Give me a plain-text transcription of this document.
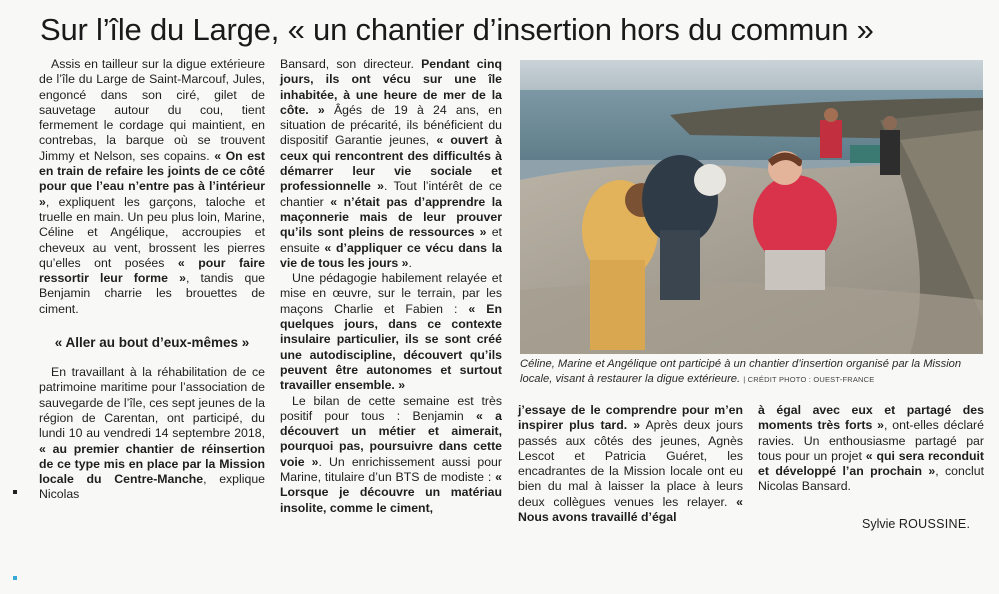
Sur l’île du Large, « un chantier d’insertion hors du commun »

Assis en tailleur sur la digue extérieure de l’île du Large de Saint-Marcouf, Jules, engoncé dans son ciré, gilet de sauvetage autour du cou, tient fermement le cordage qui maintient, en contrebas, la barque où se trouvent Jimmy et Nelson, ses copains. « On est en train de refaire les joints de ce côté pour que l’eau n’entre pas à l’intérieur », expliquent les garçons, taloche et truelle en main. Un peu plus loin, Marine, Céline et Angélique, accroupies et cheveux au vent, brossent les pierres qu’elles ont posées « pour faire ressortir leur forme », tandis que Benjamin charrie les brouettes de ciment.

« Aller au bout d’eux-mêmes »

En travaillant à la réhabilitation de ce patrimoine maritime pour l’association de sauvegarde de l’île, ces sept jeunes de la région de Carentan, ont participé, du lundi 10 au vendredi 14 septembre 2018, « au premier chantier de réinsertion de ce type mis en place par la Mission locale du Centre-Manche, explique Nicolas

Bansard, son directeur. Pendant cinq jours, ils ont vécu sur une île inhabitée, à une heure de mer de la côte. » Âgés de 19 à 24 ans, en situation de précarité, ils bénéficient du dispositif Garantie jeunes, « ouvert à ceux qui rencontrent des difficultés à démarrer leur vie sociale et professionnelle ». Tout l’intérêt de ce chantier « n’était pas d’apprendre la maçonnerie mais de leur prouver qu’ils sont pleins de ressources » et ensuite « d’appliquer ce vécu dans la vie de tous les jours ».

Une pédagogie habilement relayée et mise en œuvre, sur le terrain, par les maçons Charlie et Fabien : « En quelques jours, dans ce contexte insulaire particulier, ils se sont créé une autodiscipline, découvert qu’ils peuvent être autonomes et surtout travailler ensemble. »

Le bilan de cette semaine est très positif pour tous : Benjamin « a découvert un métier et aimerait, pourquoi pas, poursuivre dans cette voie ». Un enrichissement aussi pour Marine, titulaire d’un BTS de modiste : « Lorsque je découvre un matériau insolite, comme le ciment,

Céline, Marine et Angélique ont participé à un chantier d’insertion organisé par la Mission locale, visant à restaurer la digue extérieure. | CRÉDIT PHOTO : OUEST-FRANCE

j’essaye de le comprendre pour m’en inspirer plus tard. » Après deux jours passés aux côtés des jeunes, Agnès Lescot et Patricia Guéret, les encadrantes de la Mission locale ont eu bien du mal à laisser la place à leurs deux collègues venues les relayer. « Nous avons travaillé d’égal

à égal avec eux et partagé des moments très forts », ont-elles déclaré ravies. Un enthousiasme partagé par tous pour un projet « qui sera reconduit et développé l’an prochain », conclut Nicolas Bansard.

Sylvie ROUSSINE.
